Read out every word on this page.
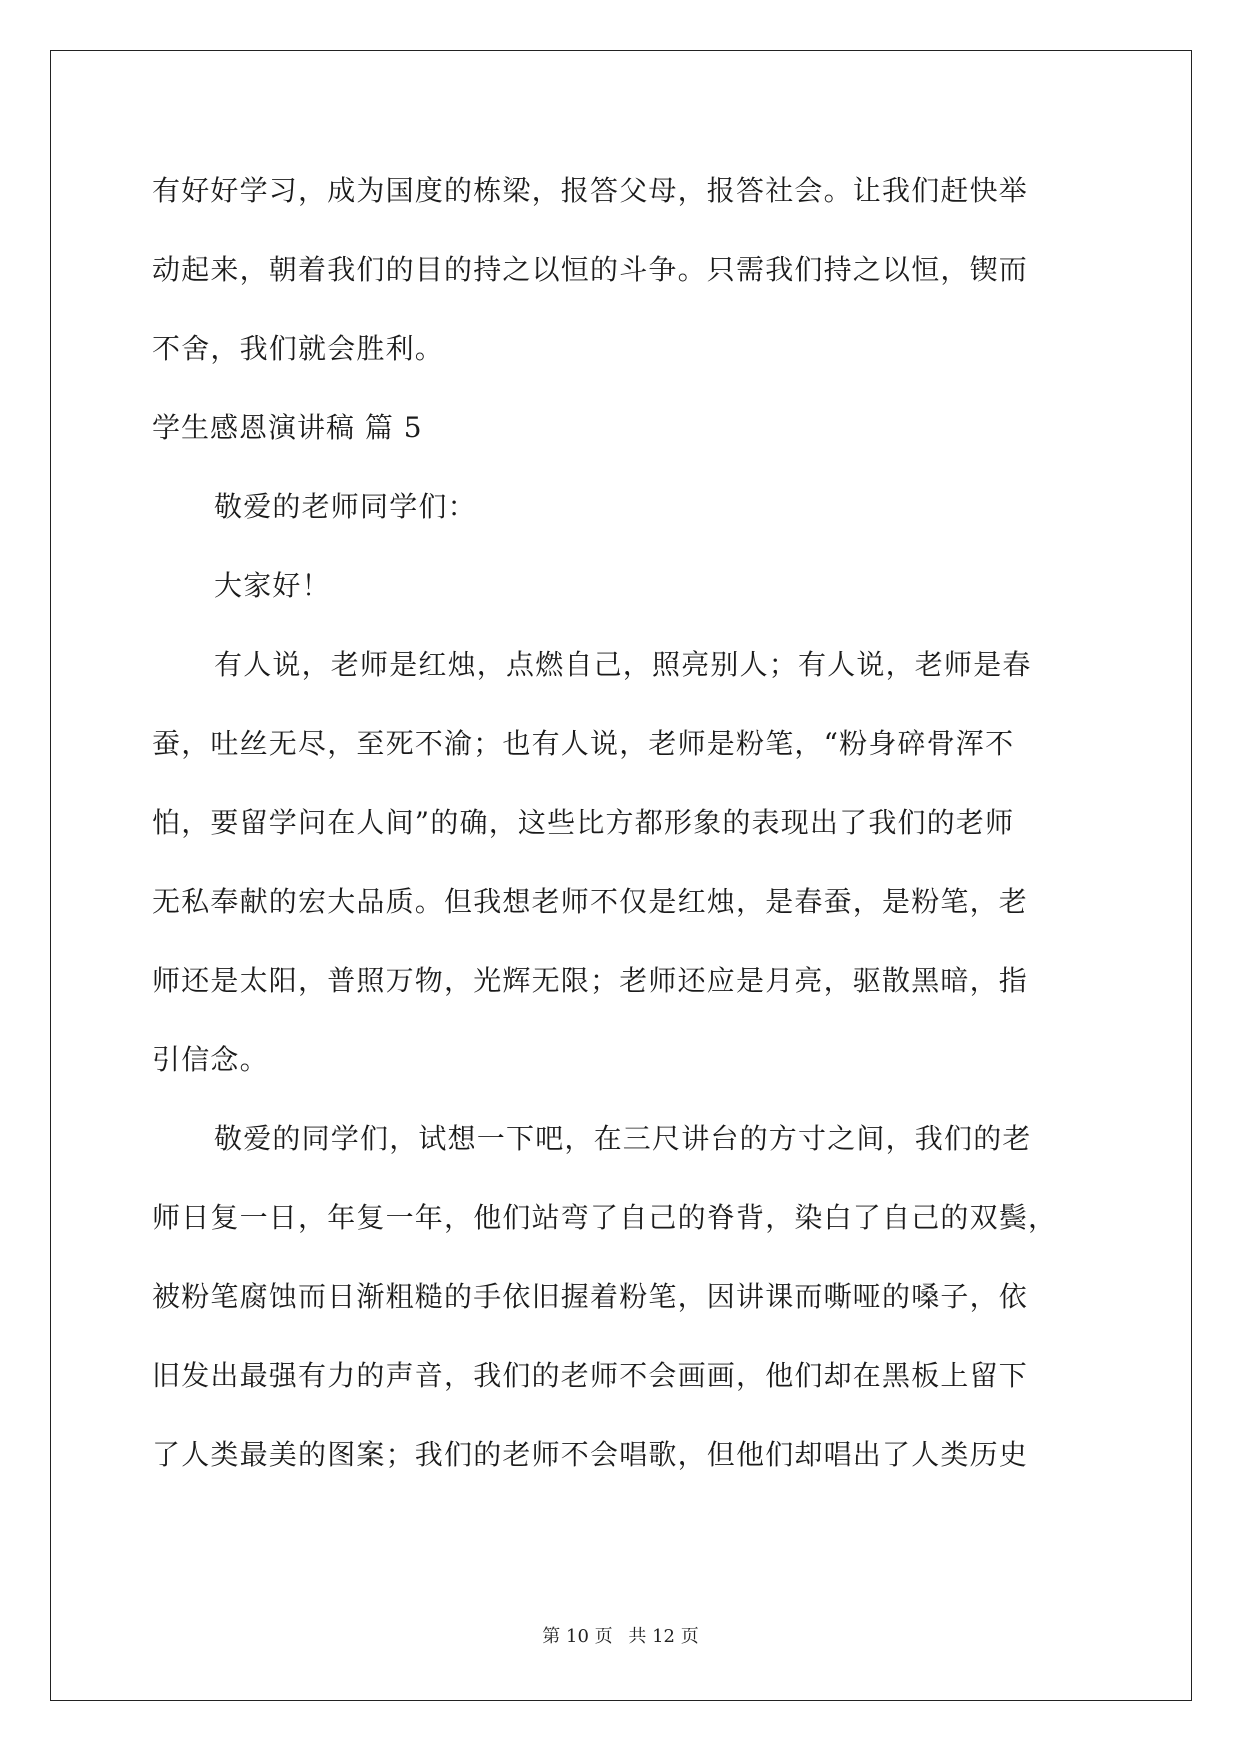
有好好学习，成为国度的栋梁，报答父母，报答社会。让我们赶快举
动起来，朝着我们的目的持之以恒的斗争。只需我们持之以恒，锲而
不舍，我们就会胜利。
学生感恩演讲稿 篇 5
敬爱的老师同学们：
大家好！
有人说，老师是红烛，点燃自己，照亮别人；有人说，老师是春
蚕，吐丝无尽，至死不渝；也有人说，老师是粉笔，“粉身碎骨浑不
怕，要留学问在人间”的确，这些比方都形象的表现出了我们的老师
无私奉献的宏大品质。但我想老师不仅是红烛，是春蚕，是粉笔，老
师还是太阳，普照万物，光辉无限；老师还应是月亮，驱散黑暗，指
引信念。
敬爱的同学们，试想一下吧，在三尺讲台的方寸之间，我们的老
师日复一日，年复一年，他们站弯了自己的脊背，染白了自己的双鬓，
被粉笔腐蚀而日渐粗糙的手依旧握着粉笔，因讲课而嘶哑的嗓子，依
旧发出最强有力的声音，我们的老师不会画画，他们却在黑板上留下
了人类最美的图案；我们的老师不会唱歌，但他们却唱出了人类历史
第 10 页 共 12 页
